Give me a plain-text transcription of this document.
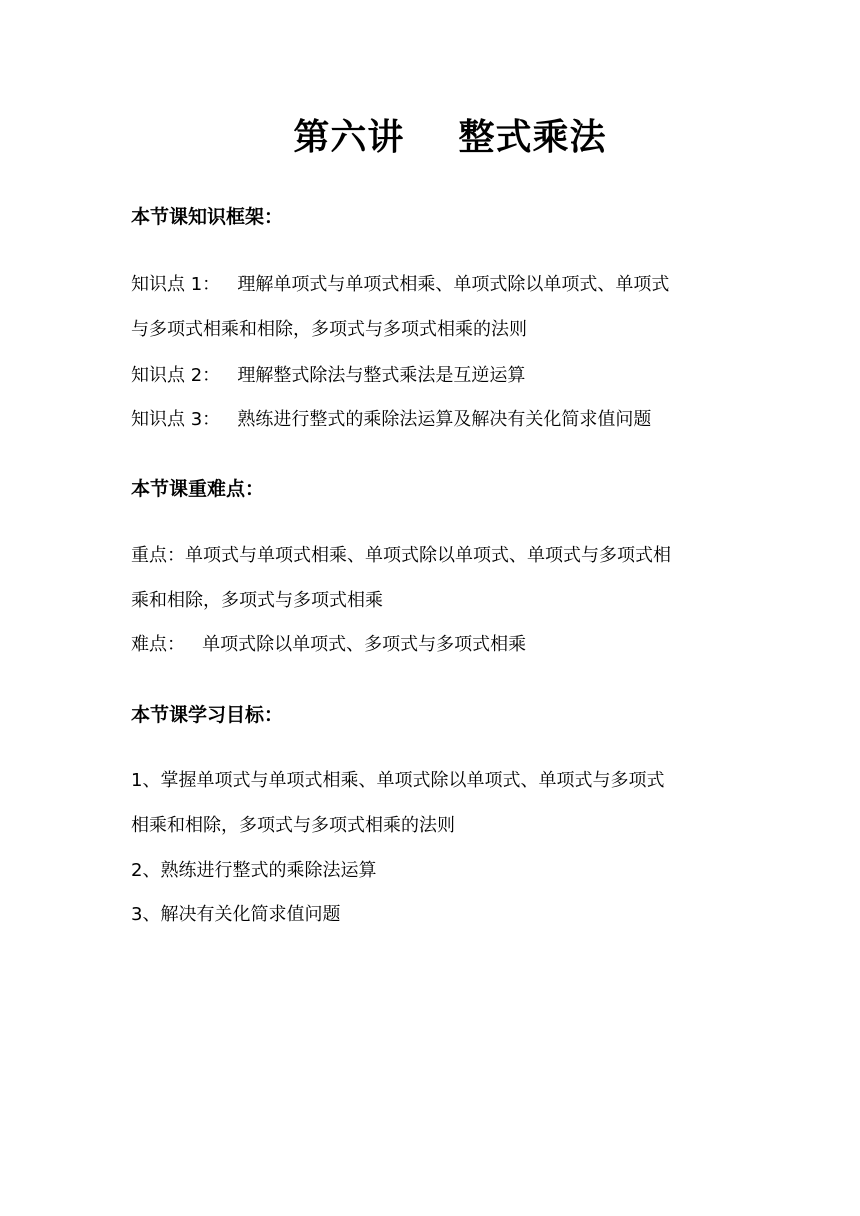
第六讲    整式乘法
本节课知识框架：
知识点 1：   理解单项式与单项式相乘、单项式除以单项式、单项式
与多项式相乘和相除，多项式与多项式相乘的法则
知识点 2：   理解整式除法与整式乘法是互逆运算
知识点 3：   熟练进行整式的乘除法运算及解决有关化简求值问题
本节课重难点：
重点：单项式与单项式相乘、单项式除以单项式、单项式与多项式相
乘和相除，多项式与多项式相乘
难点：   单项式除以单项式、多项式与多项式相乘
本节课学习目标：
1、掌握单项式与单项式相乘、单项式除以单项式、单项式与多项式
相乘和相除，多项式与多项式相乘的法则
2、熟练进行整式的乘除法运算
3、解决有关化简求值问题
